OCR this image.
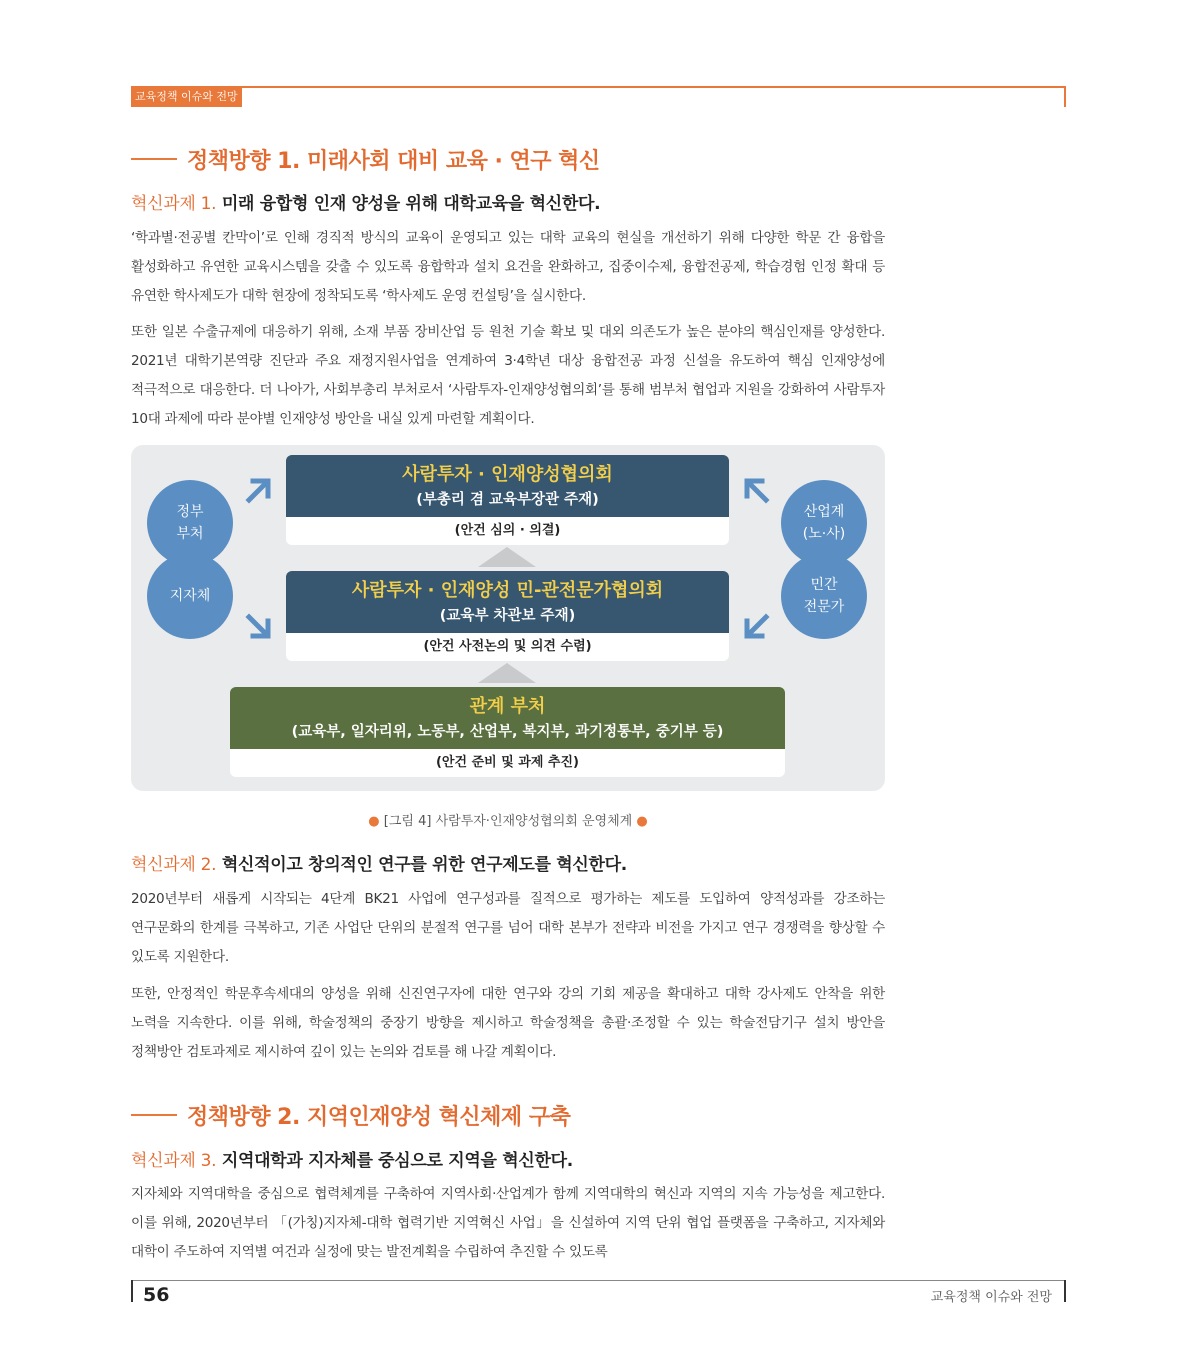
교육정책 이슈와 전망
정책방향 1. 미래사회 대비 교육 · 연구 혁신
혁신과제 1. 미래 융합형 인재 양성을 위해 대학교육을 혁신한다.
‘학과별·전공별 칸막이’로 인해 경직적 방식의 교육이 운영되고 있는 대학 교육의 현실을 개선하기 위해 다양한 학문 간 융합을 활성화하고 유연한 교육시스템을 갖출 수 있도록 융합학과 설치 요건을 완화하고, 집중이수제, 융합전공제, 학습경험 인정 확대 등 유연한 학사제도가 대학 현장에 정착되도록 ‘학사제도 운영 컨설팅’을 실시한다.
또한 일본 수출규제에 대응하기 위해, 소재 부품 장비산업 등 원천 기술 확보 및 대외 의존도가 높은 분야의 핵심인재를 양성한다. 2021년 대학기본역량 진단과 주요 재정지원사업을 연계하여 3·4학년 대상 융합전공 과정 신설을 유도하여 핵심 인재양성에 적극적으로 대응한다. 더 나아가, 사회부총리 부처로서 ‘사람투자-인재양성협의회’를 통해 범부처 협업과 지원을 강화하여 사람투자 10대 과제에 따라 분야별 인재양성 방안을 내실 있게 마련할 계획이다.
사람투자 · 인재양성협의회
(부총리 겸 교육부장관 주재)
(안건 심의 · 의결)
사람투자 · 인재양성 민-관전문가협의회
(교육부 차관보 주재)
(안건 사전논의 및 의견 수렴)
관계 부처
(교육부, 일자리위, 노동부, 산업부, 복지부, 과기정통부, 중기부 등)
(안건 준비 및 과제 추진)
정부
부처
지자체
산업계
(노·사)
민간
전문가
● [그림 4] 사람투자·인재양성협의회 운영체계 ●
혁신과제 2. 혁신적이고 창의적인 연구를 위한 연구제도를 혁신한다.
2020년부터 새롭게 시작되는 4단계 BK21 사업에 연구성과를 질적으로 평가하는 제도를 도입하여 양적성과를 강조하는 연구문화의 한계를 극복하고, 기존 사업단 단위의 분절적 연구를 넘어 대학 본부가 전략과 비전을 가지고 연구 경쟁력을 향상할 수 있도록 지원한다.
또한, 안정적인 학문후속세대의 양성을 위해 신진연구자에 대한 연구와 강의 기회 제공을 확대하고 대학 강사제도 안착을 위한 노력을 지속한다. 이를 위해, 학술정책의 중장기 방향을 제시하고 학술정책을 총괄·조정할 수 있는 학술전담기구 설치 방안을 정책방안 검토과제로 제시하여 깊이 있는 논의와 검토를 해 나갈 계획이다.
정책방향 2. 지역인재양성 혁신체제 구축
혁신과제 3. 지역대학과 지자체를 중심으로 지역을 혁신한다.
지자체와 지역대학을 중심으로 협력체계를 구축하여 지역사회·산업계가 함께 지역대학의 혁신과 지역의 지속 가능성을 제고한다. 이를 위해, 2020년부터 「(가칭)지자체-대학 협력기반 지역혁신 사업」을 신설하여 지역 단위 협업 플랫폼을 구축하고, 지자체와 대학이 주도하여 지역별 여건과 실정에 맞는 발전계획을 수립하여 추진할 수 있도록
56	교육정책 이슈와 전망
